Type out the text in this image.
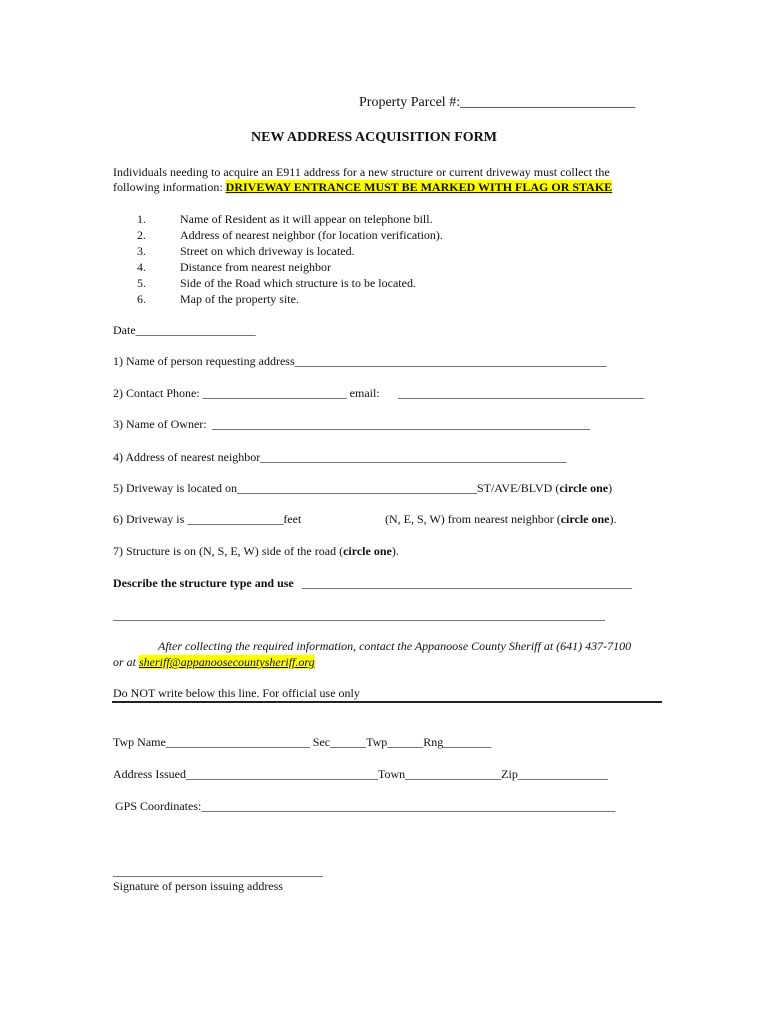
Property Parcel #:_________________________
NEW ADDRESS ACQUISITION FORM
Individuals needing to acquire an E911 address for a new structure or current driveway must collect the
following information: DRIVEWAY ENTRANCE MUST BE MARKED WITH FLAG OR STAKE
1.	Name of Resident as it will appear on telephone bill.
2.	Address of nearest neighbor (for location verification).
3.	Street on which driveway is located.
4.	Distance from nearest neighbor
5.	Side of the Road which structure is to be located.
6.	Map of the property site.
Date____________________
1) Name of person requesting address____________________________________________________
2) Contact Phone: ________________________ email: _________________________________________
3) Name of Owner: _______________________________________________________________
4) Address of nearest neighbor___________________________________________________
5) Driveway is located on________________________________________ST/AVE/BLVD (circle one)
6) Driveway is ________________feet	(N, E, S, W) from nearest neighbor (circle one).
7) Structure is on (N, S, E, W) side of the road (circle one).
Describe the structure type and use _______________________________________________________
__________________________________________________________________________________
After collecting the required information, contact the Appanoose County Sheriff at (641) 437-7100
or at sheriff@appanoosecountysheriff.org
Do NOT write below this line. For official use only
Twp Name________________________ Sec______Twp______Rng________
Address Issued________________________________Town________________Zip_______________
GPS Coordinates:_____________________________________________________________________
___________________________________
Signature of person issuing address
